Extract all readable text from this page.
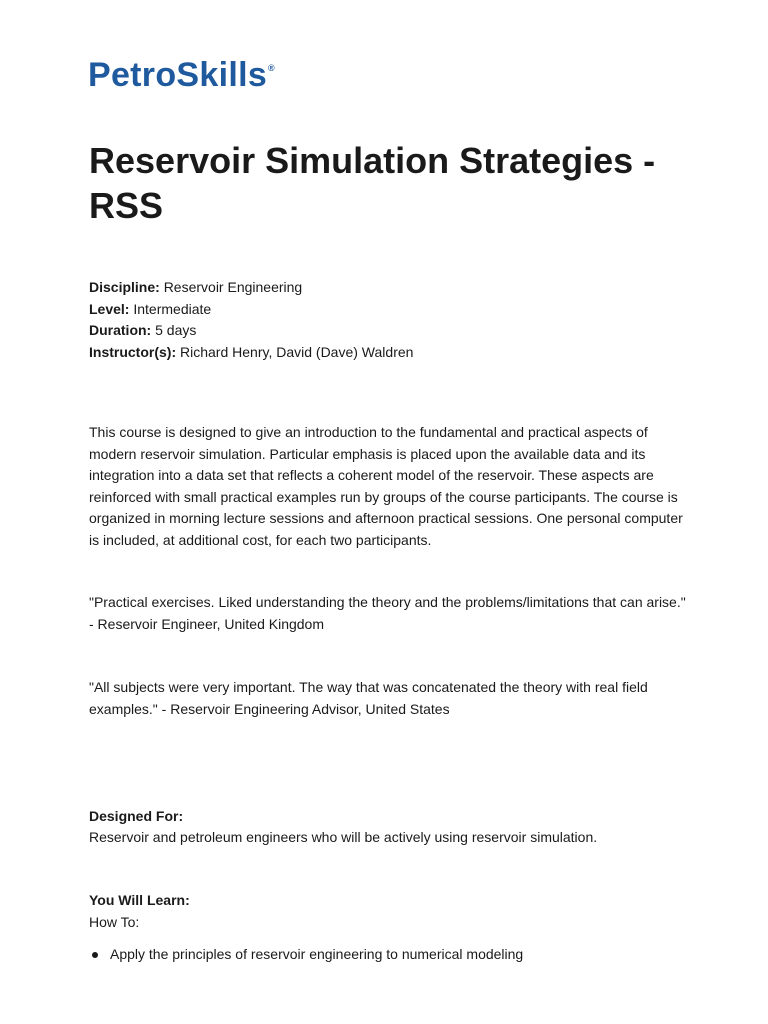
PetroSkills®
Reservoir Simulation Strategies - RSS
Discipline: Reservoir Engineering
Level: Intermediate
Duration: 5 days
Instructor(s): Richard Henry, David (Dave) Waldren

This course is designed to give an introduction to the fundamental and practical aspects of modern reservoir simulation. Particular emphasis is placed upon the available data and its integration into a data set that reflects a coherent model of the reservoir. These aspects are reinforced with small practical examples run by groups of the course participants. The course is organized in morning lecture sessions and afternoon practical sessions. One personal computer is included, at additional cost, for each two participants.

"Practical exercises. Liked understanding the theory and the problems/limitations that can arise." - Reservoir Engineer, United Kingdom

"All subjects were very important. The way that was concatenated the theory with real field examples." - Reservoir Engineering Advisor, United States

Designed For:

Reservoir and petroleum engineers who will be actively using reservoir simulation.

You Will Learn:

How To:

Apply the principles of reservoir engineering to numerical modeling
